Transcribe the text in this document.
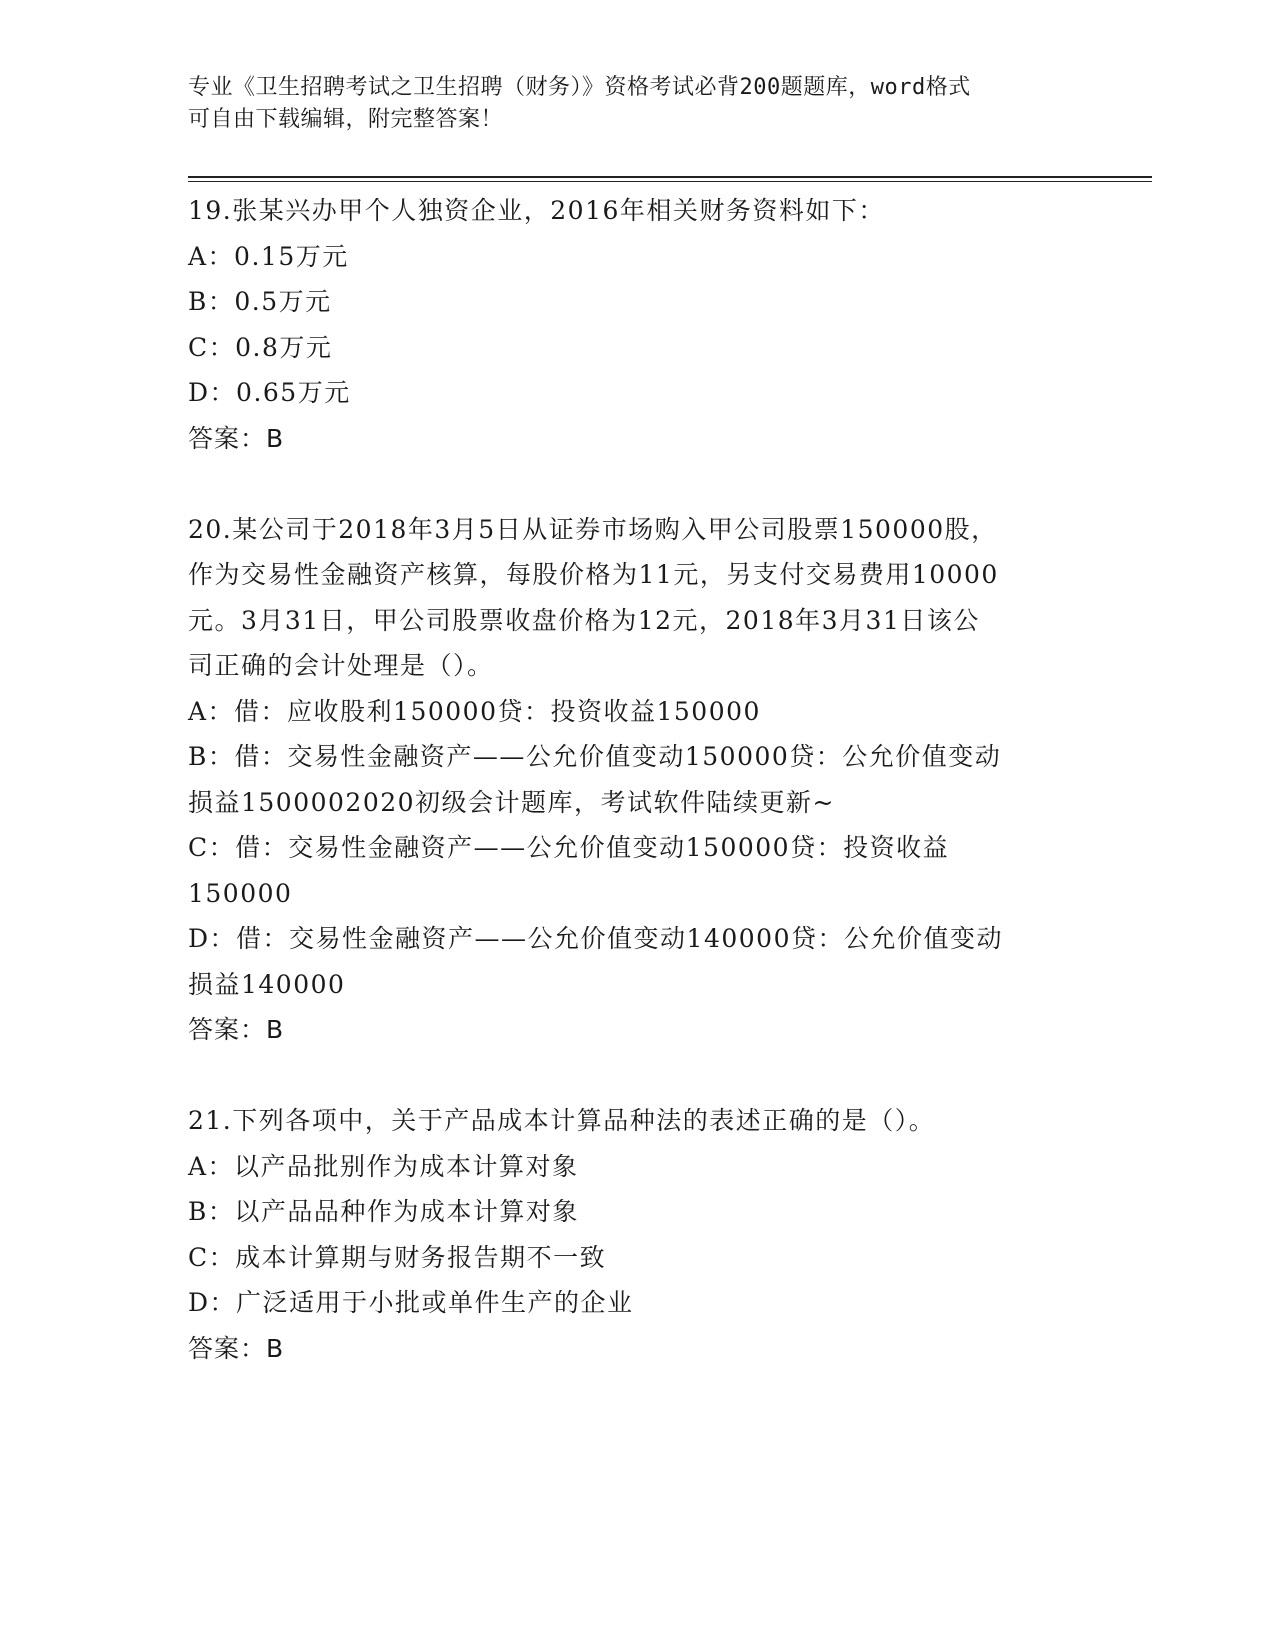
专业《卫生招聘考试之卫生招聘（财务）》资格考试必背200题题库，word格式
可自由下载编辑，附完整答案！
19.张某兴办甲个人独资企业，2016年相关财务资料如下：
A：0.15万元
B：0.5万元
C：0.8万元
D：0.65万元
答案：B
20.某公司于2018年3月5日从证券市场购入甲公司股票150000股，
作为交易性金融资产核算，每股价格为11元，另支付交易费用10000
元。3月31日，甲公司股票收盘价格为12元，2018年3月31日该公
司正确的会计处理是（）。
A：借：应收股利150000贷：投资收益150000
B：借：交易性金融资产——公允价值变动150000贷：公允价值变动
损益1500002020初级会计题库，考试软件陆续更新~
C：借：交易性金融资产——公允价值变动150000贷：投资收益
150000
D：借：交易性金融资产——公允价值变动140000贷：公允价值变动
损益140000
答案：B
21.下列各项中，关于产品成本计算品种法的表述正确的是（）。
A：以产品批别作为成本计算对象
B：以产品品种作为成本计算对象
C：成本计算期与财务报告期不一致
D：广泛适用于小批或单件生产的企业
答案：B
